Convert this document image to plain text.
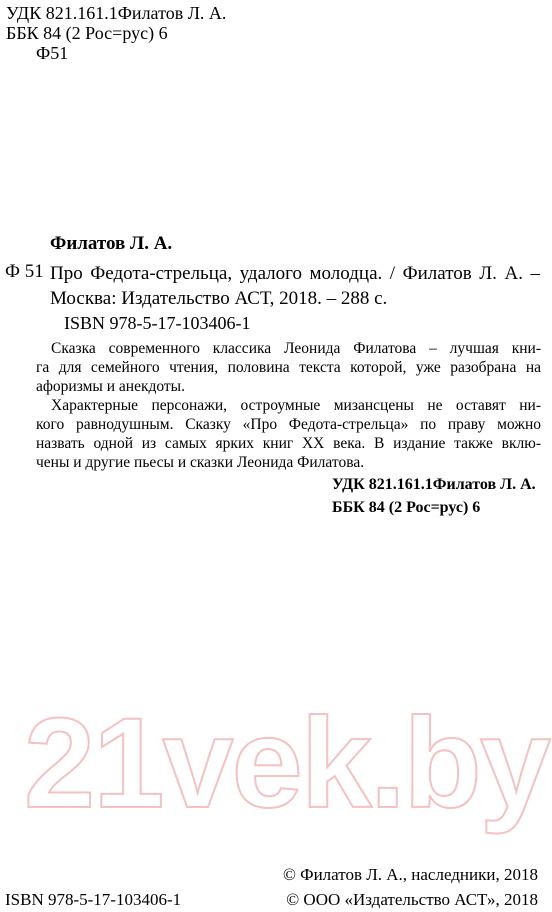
21vek.by
УДК 821.161.1Филатов Л. А.
ББК 84 (2 Рос=рус) 6
Ф51
Филатов Л. А.
Ф 51 Про Федота-стрельца, удалого молодца. / Филатов Л. А. –
Москва: Издательство АСТ, 2018. – 288 с.
ISBN 978-5-17-103406-1
Сказка современного классика Леонида Филатова – лучшая кни-
га для семейного чтения, половина текста которой, уже разобрана на
афоризмы и анекдоты.
Характерные персонажи, остроумные мизансцены не оставят ни-
кого равнодушным. Сказку «Про Федота-стрельца» по праву можно
назвать одной из самых ярких книг XX века. В издание также вклю-
чены и другие пьесы и сказки Леонида Филатова.
УДК 821.161.1Филатов Л. А.
ББК 84 (2 Рос=рус) 6
© Филатов Л. А., наследники, 2018
© ООО «Издательство АСТ», 2018
ISBN 978-5-17-103406-1
